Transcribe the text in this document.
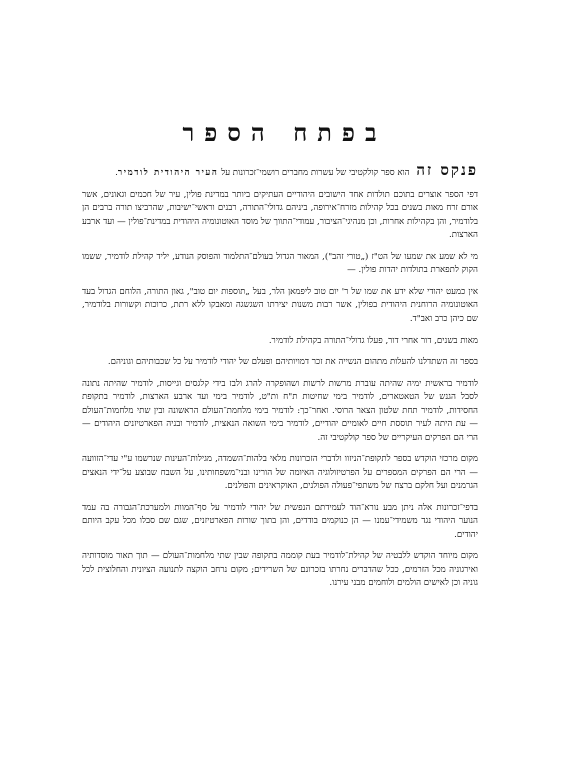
בפתח הספר

פנקס זה הוא ספר קולקטיבי של עשרות מחברים רושמי־זכרונות על העיר היהודית לודמיר.

דפי הספר אוצרים בתוכם תולדות אחד הישובים היהודיים העתיקים ביותר במדינת פולין, עיר של חכמים וגאונים, אשר אורם זרח מאות בשנים בכל קהילות מזרח־אירופה, ביניהם גדולי־התורה, רבנים וראשי־ישיבות, שהרביצו תורה ברבים הן בלודמיר, והן בקהילות אחרות, וכן מנהיגי־הציבור, עמודי־התווך של מוסד האוטונומיה היהודית במדינת־פולין — ועד ארבע הארצות.

מי לא שמע את שמעו של הט"ז („טורי זהב"), המאור הגדול בעולם־התלמוד והפוסק הנודע, יליד קהילת לודמיר, ששמו הקוק לתפארת בתולדות יהדות פולין. —

אין כמעט יהודי שלא ידע את שמו של ר' יום טוב ליפמאן הלר, בעל „תוספות יום טוב", גאון התורה, הלוחם הגדול בעד האוטונומיה הרוחנית היהודית בפולין, אשר רבות משנות יצירתו השגשגה ומאבקו ללא רתת, כרוכות וקשורות בלודמיר, שם כיהן כרב ואב"ד.

מאות בשנים, דור אחרי דור, פעלו גדולי־התורה בקהילת לודמיר.

בספר זה השתדלנו להעלות מתהום הנשייה את זכר דמויותיהם ופעלם של יהודי לודמיר על כל שכבותיהם וגוניהם.

לודמיר בראשית ימיה שהיתה עוברת מרשות לרשות ושהופקרה להרג ולבז בידי קלגסים וגייסות, לודמיר שהיתה נתונה לסבל הגנש של הטאטארים, לודמיר בימי שחיטות ת"ח ות"ט, לודמיר בימי ועד ארבע הארצות, לודמיר בתקופת החסידות, לודמיר תחת שלטון הצאר הרוסי. ואחר־כך: לודמיר בימי מלחמת־העולם הראשונה ובין שתי מלחמות־העולם — עת היתה לעיר תוססת חיים לאומיים יהודיים, לודמיר בימי השואה הנאצית, לודמיר ובניה הפארטיזנים היהודים — הרי הם הפרקים העיקריים של ספר קולקטיבי זה.

מקום מרכזי הוקדש בספר לתקופת־הניזוו ולדברי הזכרונות מלאי בלהות־השמדה, מגילות־העינות שנרשמו ע"י עדי־הזוועה — הרי הם הפרקים המספרים על הפרטיזולוגיה האיומה של הורינו ובני־משפחותינו, על השבח שבוצע על־ידי הנאצים הגרמנים ועל חלקם ברצח של משתפי־פעולה הפולנים, האוקראינים והפולנים.

בדפי־זכרונות אלה ניתן מבע נורא־הוד לעמידתם הנפשית של יהודי לודמיר על סף־המוות ולמערכת־הגבורה בה עמד הנוער היהודי נגד משמידי־עמנו — הן כנוקמים בודדים, והן בתוך שורות הפארטיזנים, שגם שם סבלו מכל עקב היותם יהודים.

מקום מיוחד הוקדש ללבטיה של קהילת־לודמיר בעת קוממה בתקופה שבין שתי מלחמות־העולם — תוך תאור מוסדותיה ואירגוניה מכל הזרמים, ככל שהדברים נחרתו בזכרונם של השרידים; מקום נרחב הוקצה לתנועה הציונית והחלוצית לכל גוניה וכן לאישים הולמים ולוחמים מבני עירנו.
